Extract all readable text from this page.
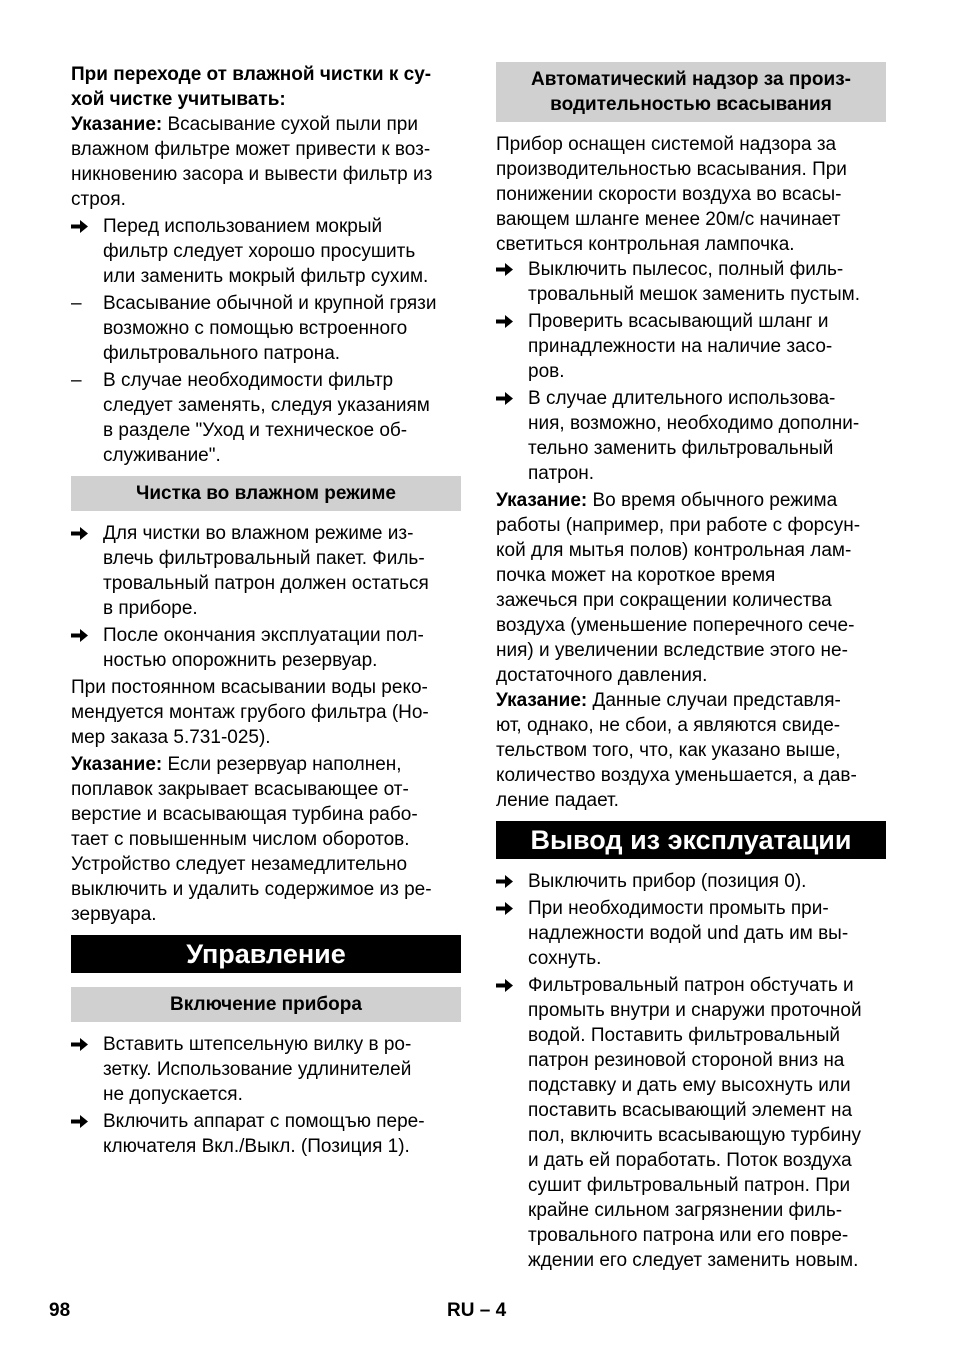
При переходе от влажной чистки к су-
хой чистке учитывать:

Указание: Всасывание сухой пыли при
влажном фильтре может привести к воз-
никновению засора и вывести фильтр из
строя.

Перед использованием мокрый
фильтр следует хорошо просушить
или заменить мокрый фильтр сухим.
–	Всасывание обычной и крупной грязи
возможно с помощью встроенного
фильтровального патрона.
–	В случае необходимости фильтр
следует заменять, следуя указаниям
в разделе "Уход и техническое об-
служивание".
Чистка во влажном режиме
Для чистки во влажном режиме из-
влечь фильтровальный пакет. Филь-
тровальный патрон должен остаться
в приборе.
После окончания эксплуатации пол-
ностью опорожнить резервуар.

При постоянном всасывании воды реко-
мендуется монтаж грубого фильтра (Но-
мер заказа 5.731-025).

Указание: Если резервуар наполнен,
поплавок закрывает всасывающее от-
верстие и всасывающая турбина рабо-
тает с повышенным числом оборотов.
Устройство следует незамедлительно
выключить и удалить содержимое из ре-
зервуара.

Управление
Включение прибора
Вставить штепсельную вилку в ро-
зетку. Использование удлинителей
не допускается.
Включить аппарат с помощъю пере-
ключателя Вкл./Выкл. (Позиция 1).
Автоматический надзор за произ-
водительностью всасывания

Прибор оснащен системой надзора за
производительностью всасывания. При
понижении скорости воздуха во всасы-
вающем шланге менее 20м/с начинает
светиться контрольная лампочка.

Выключить пылесос, полный филь-
тровальный мешок заменить пустым.
Проверить всасывающий шланг и
принадлежности на наличие засо-
ров.
В случае длительного использова-
ния, возможно, необходимо дополни-
тельно заменить фильтровальный
патрон.

Указание: Во время обычного режима
работы (например, при работе с форсун-
кой для мытья полов) контрольная лам-
почка может на короткое время
зажечься при сокращении количества
воздуха (уменьшение поперечного сече-
ния) и увеличении вследствие этого не-
достаточного давления.

Указание: Данные случаи представля-
ют, однако, не сбои, а являются свиде-
тельством того, что, как указано выше,
количество воздуха уменьшается, а дав-
ление падает.

Вывод из эксплуатации
Выключить прибор (позиция 0).
При необходимости промыть при-
надлежности водой und дать им вы-
сохнуть.
Фильтровальный патрон обстучать и
промыть внутри и снаружи проточной
водой. Поставить фильтровальный
патрон резиновой стороной вниз на
подставку и дать ему высохнуть или
поставить всасывающий элемент на
пол, включить всасывающую турбину
и дать ей поработать. Поток воздуха
сушит фильтровальный патрон. При
крайне сильном загрязнении филь-
тровального патрона или его повре-
ждении его следует заменить новым.
98	RU – 4
